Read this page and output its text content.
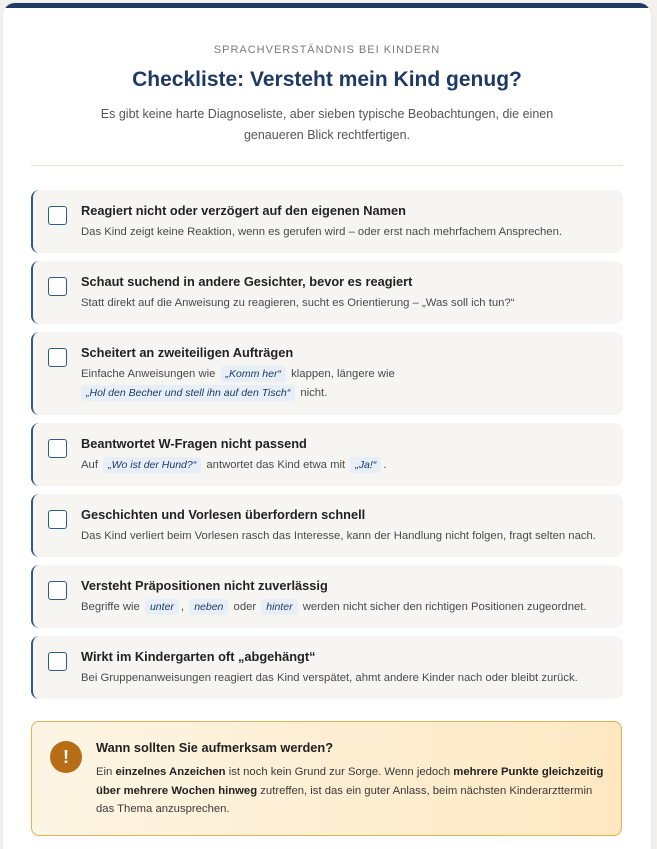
SPRACHVERSTÄNDNIS BEI KINDERN
Checkliste: Versteht mein Kind genug?

Es gibt keine harte Diagnoseliste, aber sieben typische Beobachtungen, die einen genaueren Blick rechtfertigen.

Reagiert nicht oder verzögert auf den eigenen Namen
Das Kind zeigt keine Reaktion, wenn es gerufen wird – oder erst nach mehrfachem Ansprechen.
Schaut suchend in andere Gesichter, bevor es reagiert
Statt direkt auf die Anweisung zu reagieren, sucht es Orientierung – „Was soll ich tun?“
Scheitert an zweiteiligen Aufträgen
Einfache Anweisungen wie „Komm her“ klappen, längere wie
„Hol den Becher und stell ihn auf den Tisch“ nicht.
Beantwortet W-Fragen nicht passend
Auf „Wo ist der Hund?“ antwortet das Kind etwa mit „Ja!“ .
Geschichten und Vorlesen überfordern schnell
Das Kind verliert beim Vorlesen rasch das Interesse, kann der Handlung nicht folgen, fragt selten nach.
Versteht Präpositionen nicht zuverlässig
Begriffe wie unter , neben oder hinter werden nicht sicher den richtigen Positionen zugeordnet.
Wirkt im Kindergarten oft „abgehängt“
Bei Gruppenanweisungen reagiert das Kind verspätet, ahmt andere Kinder nach oder bleibt zurück.
!	Wann sollten Sie aufmerksam werden?
Ein einzelnes Anzeichen ist noch kein Grund zur Sorge. Wenn jedoch mehrere Punkte gleichzeitig über mehrere Wochen hinweg zutreffen, ist das ein guter Anlass, beim nächsten Kinderarzttermin das Thema anzusprechen.
